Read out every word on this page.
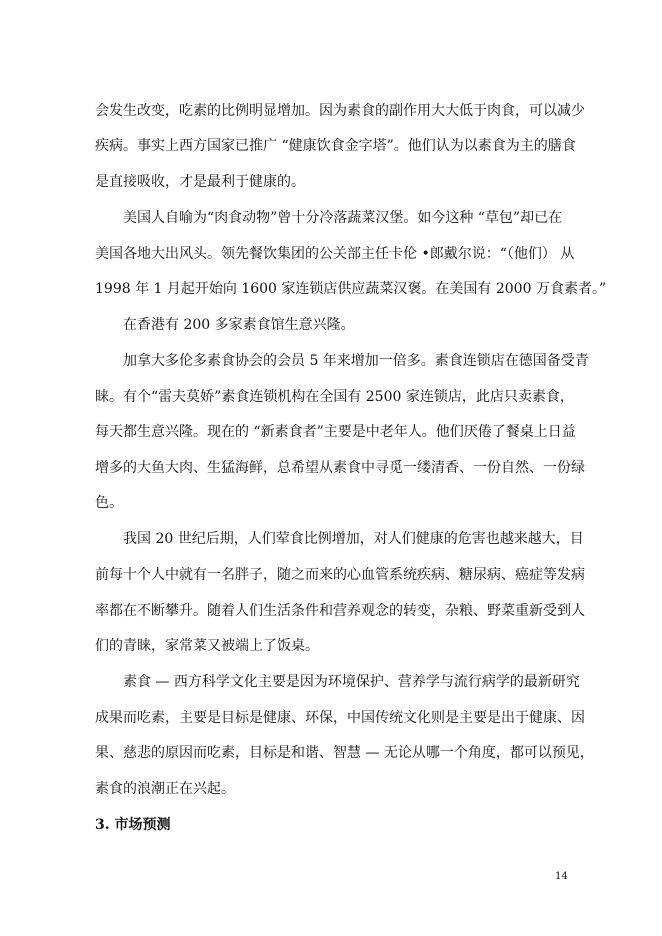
会发生改变，吃素的比例明显增加。因为素食的副作用大大低于肉食，可以减少
疾病。事实上西方国家已推广 “健康饮食金字塔”。他们认为以素食为主的膳食
是直接吸收，才是最利于健康的。
美国人自喻为“肉食动物”曾十分冷落蔬菜汉堡。如今这种 “草包”却已在
美国各地大出风头。领先餐饮集团的公关部主任卡伦 •郎戴尔说：“（他们） 从
1998 年 1 月起开始向 1600 家连锁店供应蔬菜汉褒。在美国有 2000 万食素者。”
在香港有 200 多家素食馆生意兴隆。
加拿大多伦多素食协会的会员 5 年来增加一倍多。素食连锁店在德国备受青
睐。有个“雷夫莫娇”素食连锁机构在全国有 2500 家连锁店，此店只卖素食，
每天都生意兴隆。现在的 “新素食者”主要是中老年人。他们厌倦了餐桌上日益
增多的大鱼大肉、生猛海鲜，总希望从素食中寻觅一缕清香、一份自然、一份绿
色。
我国 20 世纪后期，人们荤食比例增加，对人们健康的危害也越来越大，目
前每十个人中就有一名胖子，随之而来的心血管系统疾病、糖尿病、癌症等发病
率都在不断攀升。随着人们生活条件和营养观念的转变，杂粮、野菜重新受到人
们的青睐，家常菜又被端上了饭桌。
素食 — 西方科学文化主要是因为环境保护、营养学与流行病学的最新研究
成果而吃素，主要是目标是健康、环保，中国传统文化则是主要是出于健康、因
果、慈悲的原因而吃素，目标是和谐、智慧 — 无论从哪一个角度，都可以预见，
素食的浪潮正在兴起。
3. 市场预测
14
